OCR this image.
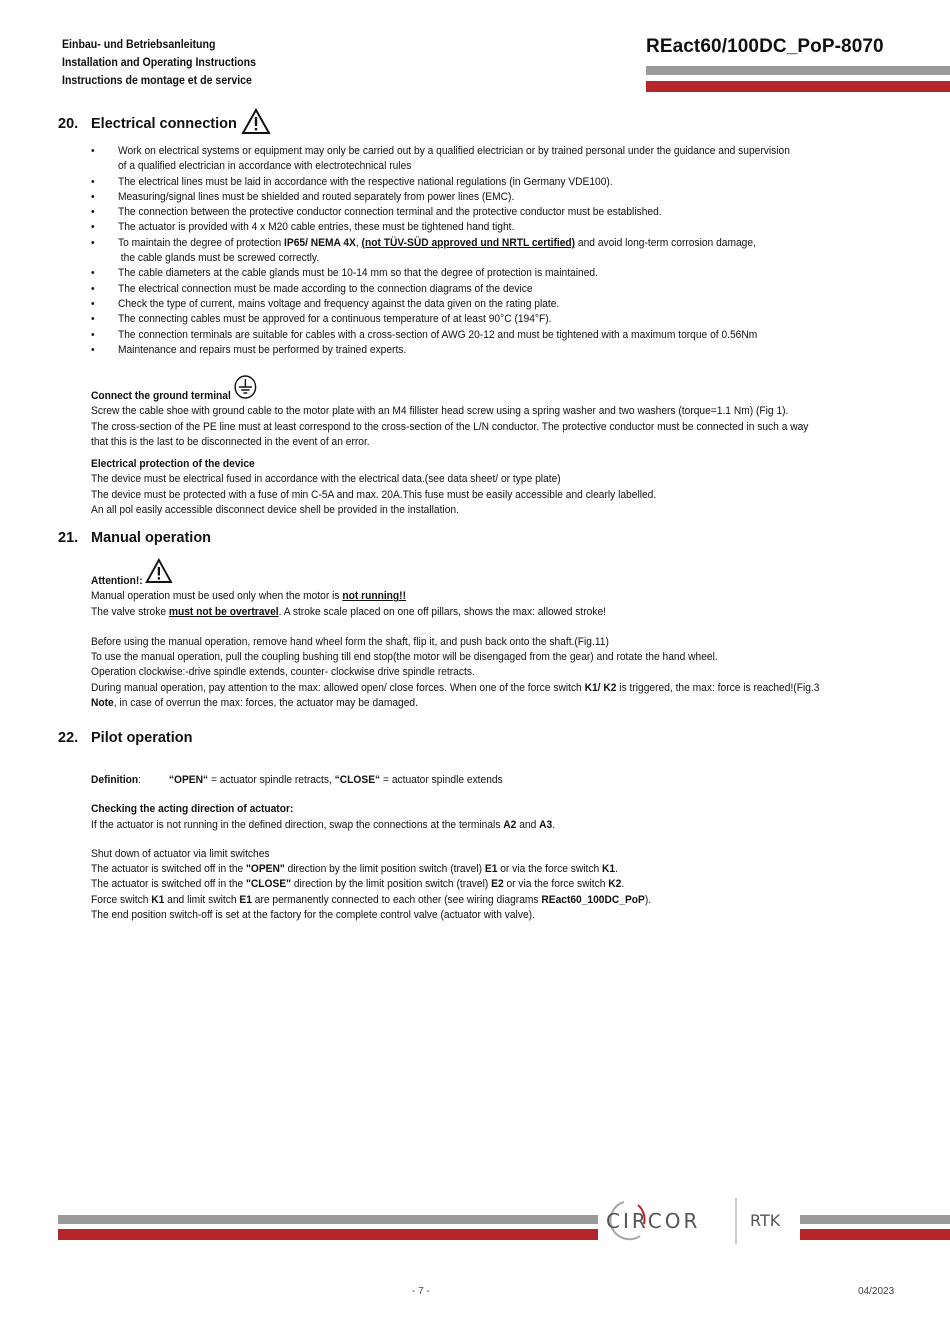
Einbau- und Betriebsanleitung
Installation and Operating Instructions
Instructions de montage et de service
REact60/100DC_PoP-8070
20. Electrical connection
• Work on electrical systems or equipment may only be carried out by a qualified electrician or by trained personal under the guidance and supervision
of a qualified electrician in accordance with electrotechnical rules
• The electrical lines must be laid in accordance with the respective national regulations (in Germany VDE100).
• Measuring/signal lines must be shielded and routed separately from power lines (EMC).
• The connection between the protective conductor connection terminal and the protective conductor must be established.
• The actuator is provided with 4 x M20 cable entries, these must be tightened hand tight.
• To maintain the degree of protection IP65/ NEMA 4X, (not TÜV-SÜD approved und NRTL certified) and avoid long-term corrosion damage,
the cable glands must be screwed correctly.
• The cable diameters at the cable glands must be 10-14 mm so that the degree of protection is maintained.
• The electrical connection must be made according to the connection diagrams of the device
• Check the type of current, mains voltage and frequency against the data given on the rating plate.
• The connecting cables must be approved for a continuous temperature of at least 90°C (194°F).
• The connection terminals are suitable for cables with a cross-section of AWG 20-12 and must be tightened with a maximum torque of 0.56Nm
• Maintenance and repairs must be performed by trained experts.
Connect the ground terminal
Screw the cable shoe with ground cable to the motor plate with an M4 fillister head screw using a spring washer and two washers (torque=1.1 Nm) (Fig 1).
The cross-section of the PE line must at least correspond to the cross-section of the L/N conductor. The protective conductor must be connected in such a way
that this is the last to be disconnected in the event of an error.
Electrical protection of the device
The device must be electrical fused in accordance with the electrical data.(see data sheet/ or type plate)
The device must be protected with a fuse of min C-5A and max. 20A.This fuse must be easily accessible and clearly labelled.
An all pol easily accessible disconnect device shell be provided in the installation.
21. Manual operation
Attention!:
Manual operation must be used only when the motor is not running!!
The valve stroke must not be overtravel. A stroke scale placed on one off pillars, shows the max: allowed stroke!
Before using the manual operation, remove hand wheel form the shaft, flip it, and push back onto the shaft.(Fig.11)
To use the manual operation, pull the coupling bushing till end stop(the motor will be disengaged from the gear) and rotate the hand wheel.
Operation clockwise:-drive spindle extends, counter- clockwise drive spindle retracts.
During manual operation, pay attention to the max: allowed open/ close forces. When one of the force switch K1/ K2 is triggered, the max: force is reached!(Fig.3
Note, in case of overrun the max: forces, the actuator may be damaged.
22. Pilot operation
Definition:	“OPEN“ = actuator spindle retracts, “CLOSE“ = actuator spindle extends
Checking the acting direction of actuator:
If the actuator is not running in the defined direction, swap the connections at the terminals A2 and A3.
Shut down of actuator via limit switches
The actuator is switched off in the "OPEN" direction by the limit position switch (travel) E1 or via the force switch K1.
The actuator is switched off in the "CLOSE" direction by the limit position switch (travel) E2 or via the force switch K2.
Force switch K1 and limit switch E1 are permanently connected to each other (see wiring diagrams REact60_100DC_PoP).
The end position switch-off is set at the factory for the complete control valve (actuator with valve).
CIRCOR	RTK
- 7 -	04/2023
